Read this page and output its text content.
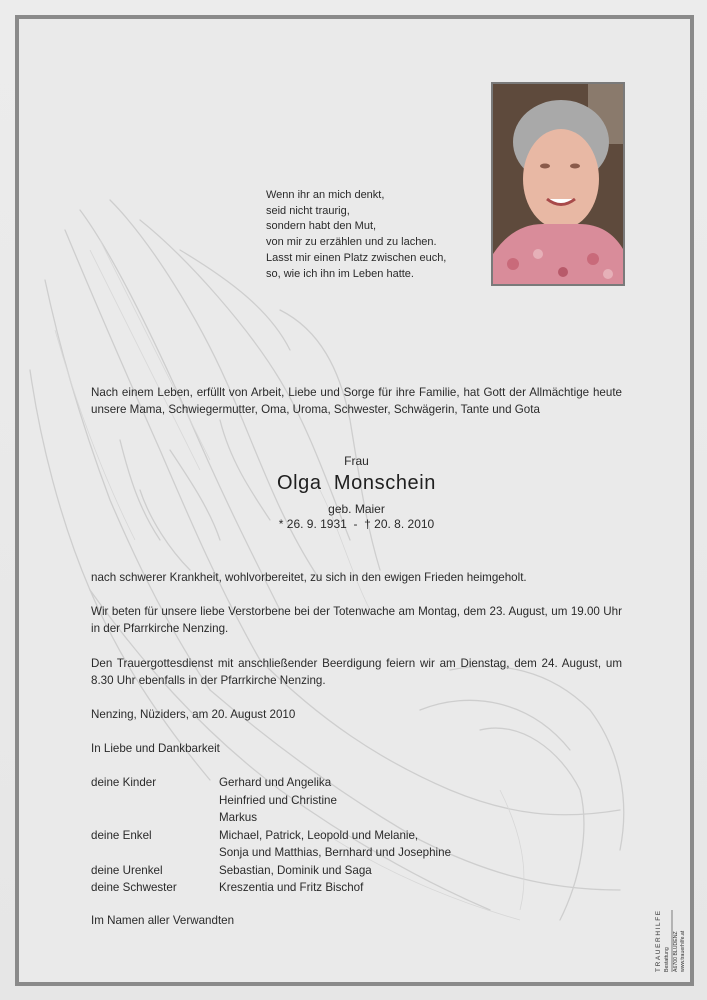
Wenn ihr an mich denkt,
seid nicht traurig,
sondern habt den Mut,
von mir zu erzählen und zu lachen.
Lasst mir einen Platz zwischen euch,
so, wie ich ihn im Leben hatte.
Nach einem Leben, erfüllt von Arbeit, Liebe und Sorge für ihre Familie, hat Gott der Allmächtige heute unsere Mama, Schwiegermutter, Oma, Uroma, Schwester, Schwägerin, Tante und Gota
Frau
Olga  Monschein
geb. Maier
* 26. 9. 1931  -  † 20. 8. 2010
nach schwerer Krankheit, wohlvorbereitet, zu sich in den ewigen Frieden heimgeholt.
Wir beten für unsere liebe Verstorbene bei der Totenwache am Montag, dem 23. August, um 19.00 Uhr in der Pfarrkirche Nenzing.
Den Trauergottesdienst mit anschließender Beerdigung feiern wir am Dienstag, dem 24. August, um 8.30 Uhr ebenfalls in der Pfarrkirche Nenzing.
Nenzing, Nüziders, am 20. August 2010
In Liebe und Dankbarkeit
deine Kinder	Gerhard und Angelika
Heinfried und Christine
Markus
deine Enkel	Michael, Patrick, Leopold und Melanie,
Sonja und Matthias, Bernhard und Josephine
deine Urenkel	Sebastian, Dominik und Saga
deine Schwester	Kreszentia und Fritz Bischof
Im Namen aller Verwandten	TRAUERHILFE Bestattung A6700 BLUDENZ www.trauerhilfe.at
